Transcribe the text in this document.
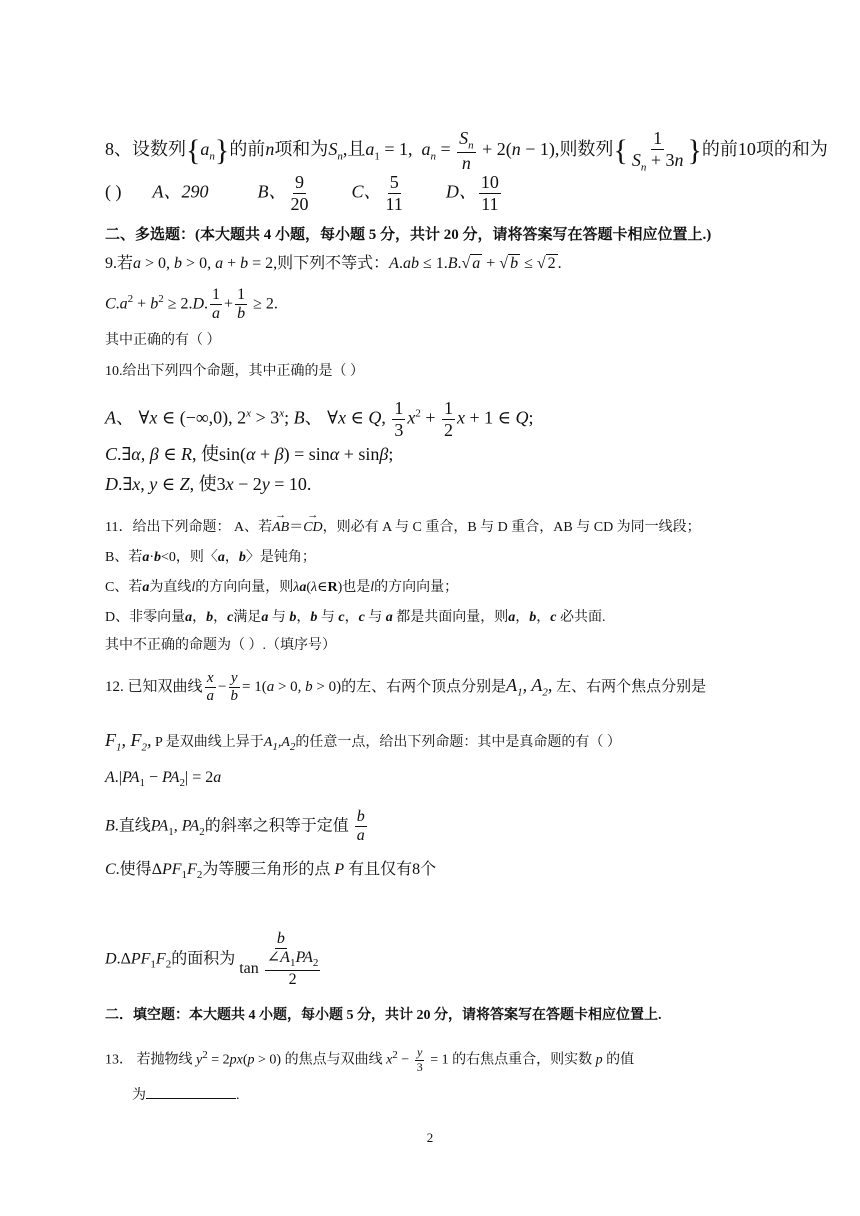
8、设数列$\{a_n\}$的前n项和为$S_n$,且$a_1 = 1$,  $a_n = \frac{S_n}{n} + 2(n - 1)$,则数列{ $\frac{1}{S_n + 3n}$ }的前10项的和为
( ) A、290	B、 $\frac{9}{20}$ C、 $\frac{5}{11}$ D、 $\frac{10}{11}$
二、多选题：(本大题共 4 小题，每小题 5 分，共计 20 分，请将答案写在答题卡相应位置上.)
9.若a > 0, b > 0, a + b = 2,则下列不等式：A.ab ≤ 1.B.√ a + √ b ≤ √ 2 .
$C.a^2 + b^2 \ge 2.D$. $\frac{1}{a} + \frac{1}{b} \ge 2$.
其中正确的有（ ）
10.给出下列四个命题，其中正确的是（ ）
A、 ∀x ∈ (−∞,0), $2^x > 3^x$; B、 ∀x ∈ Q, $\frac{1}{3} x^2 + \frac{1}{2}$ x + 1 ∈ Q;
C.∃α, β ∈ R, 使sin(α + β) = sinα + sinβ;
D.∃x, y ∈ Z, 使3x − 2y = 10.
11．给出下列命题： A、若→ AB＝→ CD，则必有 A 与 C 重合，B 与 D 重合，AB 与 CD 为同一线段；
B、若a·b<0，则〈a，b〉是钝角；
C、若a为直线l的方向向量，则λa(λ∈R)也是l的方向向量；
D、非零向量a，b，c满足a 与 b，b 与 c，c 与 a 都是共面向量，则a，b，c 必共面.
其中不正确的命题为（ ）.（填序号）
12. 已知双曲线 $\frac{x}{a} - \frac{y}{b} = 1(a > 0$, b > 0)的左、右两个顶点分别是$A_1$, $A_2$, 左、右两个焦点分别是
$F_1$, $F_2$, P 是双曲线上异于$A_1,A_2$的任意一点，给出下列命题：其中是真命题的有（ ）
$A.|PA_1 - PA_2| = 2a$
B.直线$PA_1$, $PA_2$的斜率之积等于定值 $\frac{b}{a}$
C.使得$\Delta PF_1F_2$为等腰三角形的点 P 有且仅有8个
$D.\Delta PF_1F_2$的面积为 $\frac{b}{\tan \frac{\angle A_1PA_2}{2}}$
二．填空题：本大题共 4 小题，每小题 5 分，共计 20 分，请将答案写在答题卡相应位置上.
13． 若抛物线 $y^2 = 2px(p > 0)$ 的焦点与双曲线 $x^2 - \frac{y}{3} = 1$ 的右焦点重合，则实数 p 的值
为	.
2
